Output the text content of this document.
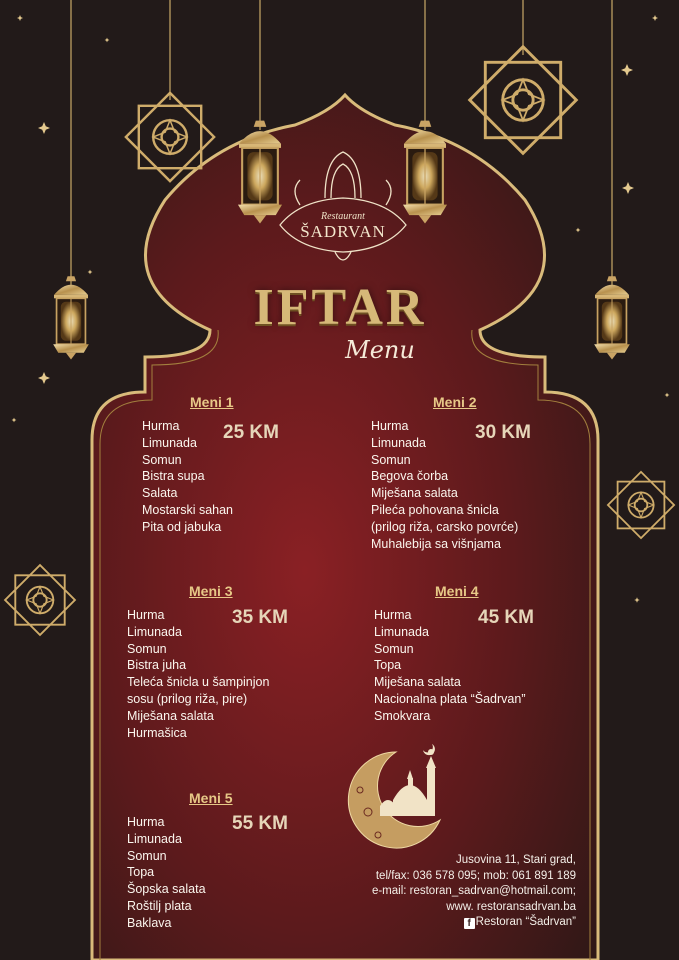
Restaurant
ŠADRVAN
IFTAR
Menu
Meni 1
25 KM
Hurma
Limunada
Somun
Bistra supa
Salata
Mostarski sahan
Pita od jabuka
Meni 2
30 KM
Hurma
Limunada
Somun
Begova čorba
Miješana salata
Pileća pohovana šnicla
(prilog riža, carsko povrće)
Muhalebija sa višnjama
Meni 3
35 KM
Hurma
Limunada
Somun
Bistra juha
Teleća šnicla u šampinjon
sosu (prilog riža, pire)
Miješana salata
Hurmašica
Meni 4
45 KM
Hurma
Limunada
Somun
Topa
Miješana salata
Nacionalna plata “Šadrvan”
Smokvara
Meni 5
55 KM
Hurma
Limunada
Somun
Topa
Šopska salata
Roštilj plata
Baklava
Jusovina 11, Stari grad,
tel/fax: 036 578 095; mob: 061 891 189
e-mail: restoran_sadrvan@hotmail.com;
www. restoransadrvan.ba
f Restoran “Šadrvan”
